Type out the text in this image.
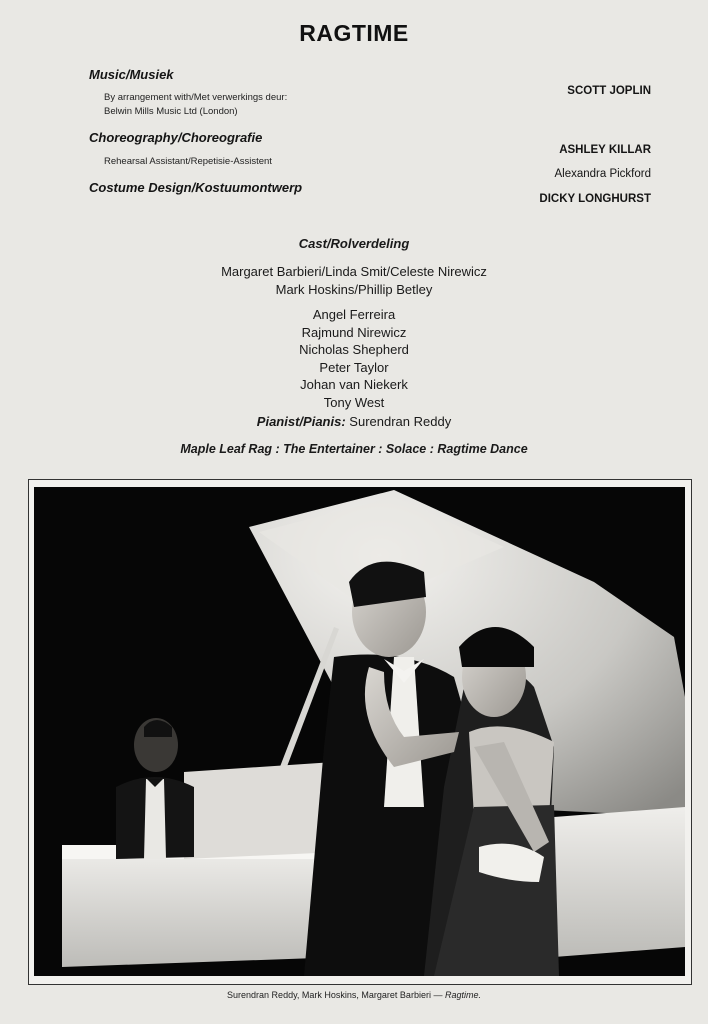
RAGTIME
Music/Musiek
By arrangement with/Met verwerkings deur:
Belwin Mills Music Ltd (London)
SCOTT JOPLIN
Choreography/Choreografie
Rehearsal Assistant/Repetisie-Assistent
ASHLEY KILLAR
Alexandra Pickford
Costume Design/Kostuumontwerp
DICKY LONGHURST
Cast/Rolverdeling
Margaret Barbieri/Linda Smit/Celeste Nirewicz
Mark Hoskins/Phillip Betley
Angel Ferreira
Rajmund Nirewicz
Nicholas Shepherd
Peter Taylor
Johan van Niekerk
Tony West
Pianist/Pianis: Surendran Reddy
Maple Leaf Rag : The Entertainer : Solace : Ragtime Dance
Surendran Reddy, Mark Hoskins, Margaret Barbieri — Ragtime.
